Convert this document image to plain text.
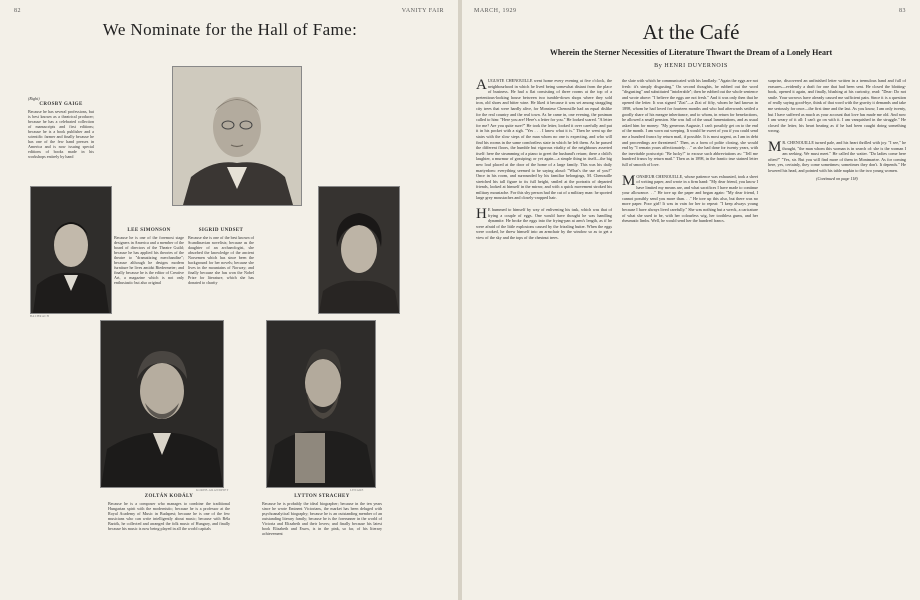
82	VANITY FAIR
We Nominate for the Hall of Fame:
(Right)
CROSBY GAIGE
Because he has several professions, but is best known as a theatrical producer; because he has a celebrated collection of manuscripts and first editions; because he is a book publisher and a scientific farmer and finally because he has one of the few hand presses in America and is now issuing special editions of books made in his workshops entirely by hand
BACHRACH
LEE SIMONSON
Because he is one of the foremost stage designers in America and a member of the board of directors of the Theatre Guild; because he has applied his theories of the theatre to "dramatizing merchandise"; because although he designs modern furniture he lives amidst Biedermeier; and finally because he is the editor of Creative Art, a magazine which is not only enthusiastic but also original
SIGRID UNDSET
Because she is one of the best known of Scandinavian novelists; because as the daughter of an archaeologist, she absorbed the knowledge of the ancient Norsemen which has since been the background for her novels; because she lives in the mountains of Norway; and finally because she has won the Nobel Prize for literature, which she has donated to charity
KOREB-GRANDPIET	LENARE
ZOLTÁN KODÁLY
Because he is a composer who manages to combine the traditional Hungarian spirit with the modernistic; because he is a professor at the Royal Academy of Music in Budapest; because he is one of the few musicians who can write intelligently about music; because with Béla Bartók, he collected and arranged the folk music of Hungary, and finally because his music is now being played in all the world capitals
LYTTON STRACHEY
Because he is probably the ideal biographer; because in the ten years since he wrote Eminent Victorians, the market has been deluged with psychoanalytical biography; because he is an outstanding member of an outstanding literary family; because he is the forerunner in the world of Victoria and Elizabeth and their lovers; and finally because his latest book Elizabeth and Essex, is in the pink, so far, of his literary achievement
MARCH, 1929	83
At the Café
Wherein the Sterner Necessities of Literature Thwart the Dream of a Lonely Heart
By HENRI DUVERNOIS
AUGUSTE CHENOUILLE went home every evening at five o'clock, the neighbourhood in which he lived being somewhat distant from the place of business. He had a flat consisting of three rooms at the top of a pretentious-looking house between two tumble-down shops where they sold iron, old shoes and bitter wine. He liked it because it was set among straggling city trees that were hardly alive, for Monsieur Chenouille had an equal dislike for the real country and the real town. As he came in, one evening, the postman called to him: "Here you are! Here's a letter for you." He looked scared. "A letter for me? Are you quite sure?" He took the letter, looked it over carefully and put it in his pocket with a sigh. "Yes . . . I know what it is." Then he went up the stairs with the slow steps of the man whom no one is expecting, and who will find his rooms in the same comfortless state in which he left them. As he passed the different floors, the humble but vigorous vitality of the neighbours asserted itself: here the strumming of a piano to greet the husband's return; there a child's laughter, a murmur of gossiping; or yet again—a simple thing in itself—the big new loaf placed at the door of the home of a large family. This was his daily martyrdom: everything seemed to be saying aloud: "What's the use of you?" Once in his room, and surrounded by his familiar belongings, M. Chenouille stretched his tall figure to its full height, smiled at the portraits of departed friends, looked at himself in the mirror, and with a quick movement stroked his military moustache. For this shy person had the cut of a military man: he sported large grey moustaches and closely-cropped hair.
H E hummed to himself by way of enlivening his task, which was that of frying a couple of eggs. One would have thought he was handling dynamite. He broke the eggs into the frying-pan at arm's length, as if he were afraid of the little explosions caused by the frizzling butter. When the eggs were cooked, he threw himself into an armchair by the window so as to get a view of the sky and the tops of the chestnut trees.
the slate with which he communicated with his landlady: "Again the eggs are not fresh: it's simply disgusting." On second thoughts, he rubbed out the word "disgusting" and substituted "intolerable"; then he rubbed out the whole sentence and wrote above: "I believe the eggs are not fresh." And it was only then that he opened the letter. It was signed "Zizi"—a Zizi of fifty, whom he had known in 1898, whom he had loved for fourteen months and who had afterwards settled a goodly share of his meagre inheritance, and to whom, in return for benefactions, he allowed a small pension. She was full of the usual lamentations, and as usual asked him for money: "My generous Auguste, I can't possibly get on to the end of the month. I am worn out weeping. It would be sweet of you if you could send me a hundred francs by return mail, if possible. It is most urgent, as I am in debt and proceedings are threatened." Then, as a form of polite closing, she would end by "I remain yours affectionately. . ." as she had done for twenty years, with the inevitable postscript: "Be lucky!" to excuse such abbreviations as: "Tell me hundred francs by return mail." Then as in 1898, in the frantic true stained letter full of smooth of love.
M ONSIEUR CHENOUILLE, whose patience was exhausted, took a sheet of writing paper, and wrote in a firm hand: "My dear friend, you know I have limited my means are, and what sacrifices I have made to continue your allowance. . ." He tore up the paper and began again: "My dear friend, I cannot possibly send you more than. . ." He tore up this also, but there was no more paper. Poor girl! It was in vain for her to repeat: "I keep always young because I have always lived carefully." She was nothing but a wreck, a caricature of what she used to be, with her colourless wig, her toothless gums, and her rheumatic limbs. Well, he would send her the hundred francs.
surprise, discovered an unfinished letter written in a tremulous hand and full of erasures—evidently a draft for one that had been sent. He closed the blotting-book, opened it again, and finally, blushing at his curiosity, read: "Dear: Do not smile. Your sorrows have already caused me sufficient pain. Since it is a question of really saying good-bye, think of that word with the gravity it demands and take me seriously for once—the first time and the last. As you know, I am only twenty, but I have suffered as much as your account that love has made me old. And now I am weary of it all: I can't go on with it. I am vanquished in the struggle." He closed the letter, his heart beating as if he had been caught doing something wrong.
M R. CHENOUILLE turned pale, and his heart thrilled with joy. "I see," he thought, "the man whom this woman is in search of: she is the woman I am seeking. We must meet." He called the waiter. "Do ladies come here often?" "Yes, sir. But you will find more of them in Montmartre. As for coming here, yes, certainly, they come sometimes; sometimes they don't. It depends." He lowered his head, and pointed with his table napkin to the two young women.
(Continued on page 118)
